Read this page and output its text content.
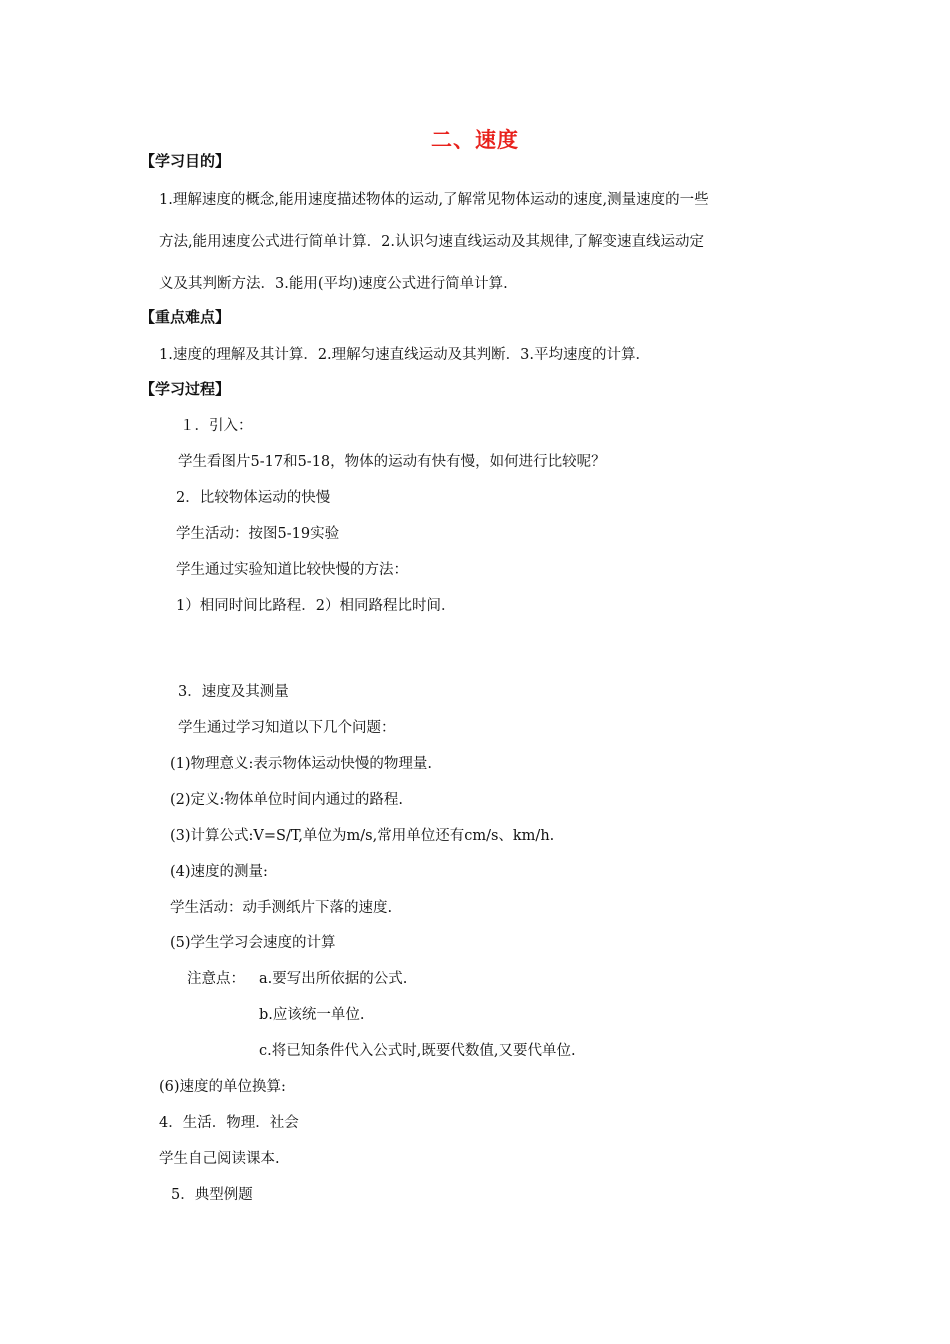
二、速度
【学习目的】
1.理解速度的概念,能用速度描述物体的运动,了解常见物体运动的速度,测量速度的一些
方法,能用速度公式进行简单计算．2.认识匀速直线运动及其规律,了解变速直线运动定
义及其判断方法．3.能用(平均)速度公式进行简单计算.
【重点难点】
1.速度的理解及其计算．2.理解匀速直线运动及其判断．3.平均速度的计算．
【学习过程】
１．引入：
学生看图片5-17和5-18，物体的运动有快有慢，如何进行比较呢？
2．比较物体运动的快慢
学生活动：按图5-19实验
学生通过实验知道比较快慢的方法：
1）相同时间比路程．2）相同路程比时间．
3．速度及其测量
学生通过学习知道以下几个问题：
(1)物理意义:表示物体运动快慢的物理量.
(2)定义:物体单位时间内通过的路程.
(3)计算公式:V=S/T,单位为m/s,常用单位还有cm/s、km/h.
(4)速度的测量:
学生活动：动手测纸片下落的速度.
(5)学生学习会速度的计算
注意点： a.要写出所依据的公式.
b.应该统一单位.
c.将已知条件代入公式时,既要代数值,又要代单位.
(6)速度的单位换算:
4．生活．物理．社会
学生自己阅读课本.
5．典型例题
